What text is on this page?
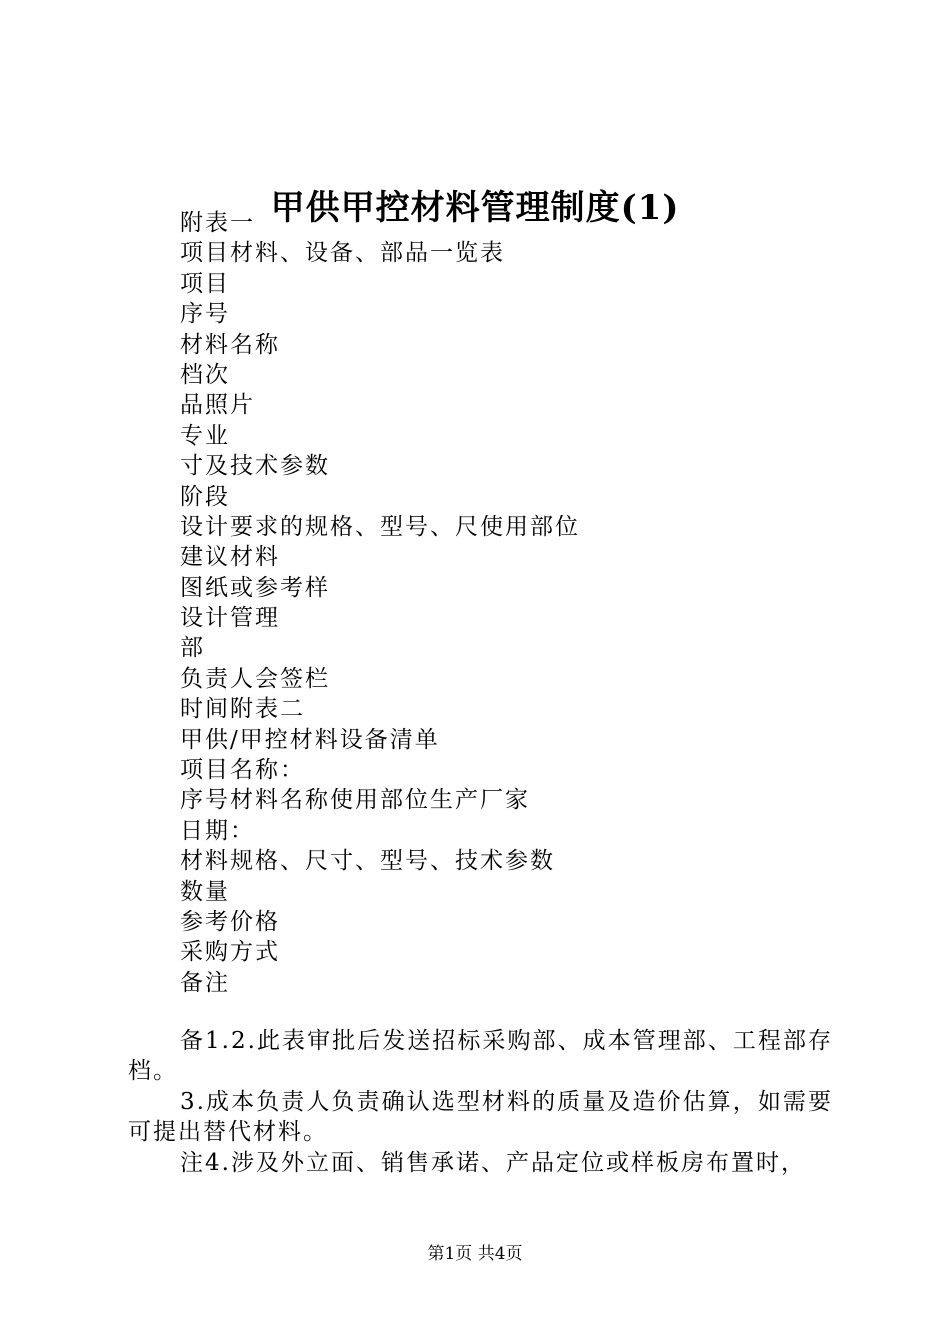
甲供甲控材料管理制度(1)
附表一
项目材料、设备、部品一览表
项目
序号
材料名称
档次
品照片
专业
寸及技术参数
阶段
设计要求的规格、型号、尺使用部位
建议材料
图纸或参考样
设计管理
部
负责人会签栏
时间附表二
甲供/甲控材料设备清单
项目名称：
序号材料名称使用部位生产厂家
日期：
材料规格、尺寸、型号、技术参数
数量
参考价格
采购方式
备注
备1.2.此表审批后发送招标采购部、成本管理部、工程部存档。
3.成本负责人负责确认选型材料的质量及造价估算，如需要可提出替代材料。
注4.涉及外立面、销售承诺、产品定位或样板房布置时，
第1页 共4页
